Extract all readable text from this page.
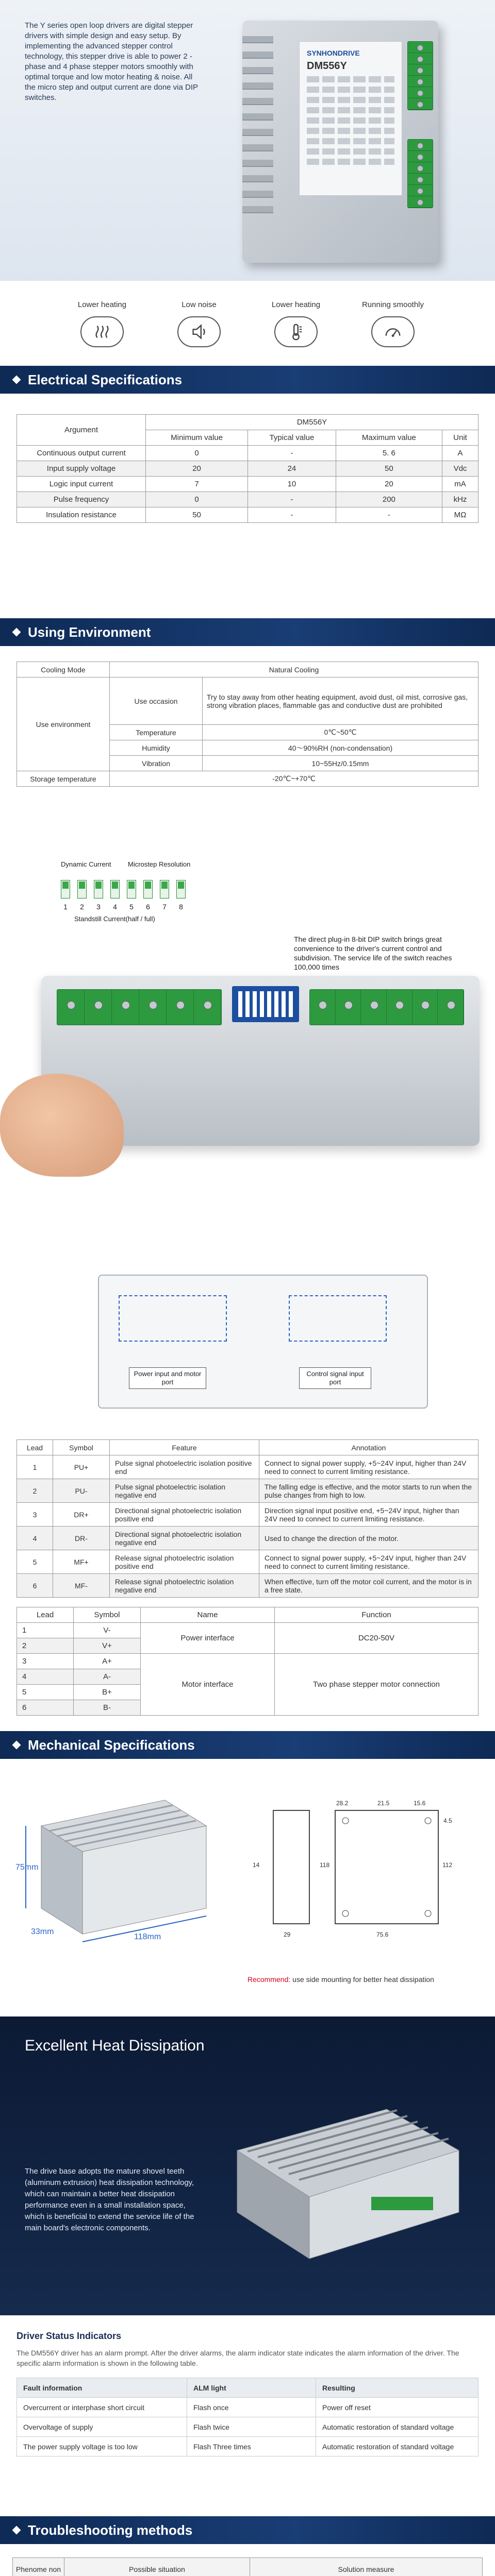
The Y series open loop drivers are digital stepper drivers with simple design and easy setup. By implementing the advanced stepper control technology, this stepper drive is able to power 2 - phase and 4 phase stepper motors smoothly with optimal torque and low motor heating & noise. All the micro step and output current are done via DIP switches.

SYNHONDRIVE
DM556Y
Lower heating	Low noise	Lower heating	Running smoothly
Electrical Specifications
Argument	DM556Y			
	Minimum value	Typical value	Maximum value	Unit
Continuous output current	0	-	5. 6	A
Input supply voltage	20	24	50	Vdc
Logic input current	7	10	20	mA
Pulse frequency	0	-	200	kHz
Insulation resistance	50	-	-	MΩ
Using Environment
Cooling Mode	Natural Cooling	
Use environment	Use occasion	Try to stay away from other heating equipment, avoid dust, oil mist, corrosive gas, strong vibration places, flammable gas and conductive dust are prohibited
	Temperature	0℃~50℃
	Humidity	40～90%RH (non-condensation)
	Vibration	10~55Hz/0.15mm
Storage temperature	-20℃~+70℃	
Dynamic Current Microstep Resolution
1	2	3	4	5	6	7	8
Standstill Current(half / full)

The direct plug-in 8-bit DIP switch brings great convenience to the driver's current control and subdivision. The service life of the switch reaches 100,000 times

Power input and motor port
Control signal input port
Lead	Symbol	Feature	Annotation
1	PU+	Pulse signal photoelectric isolation positive end	Connect to signal power supply, +5~24V input, higher than 24V need to connect to current limiting resistance.
2	PU-	Pulse signal photoelectric isolation negative end	The falling edge is effective, and the motor starts to run when the pulse changes from high to low.
3	DR+	Directional signal photoelectric isolation positive end	Direction signal input positive end, +5~24V input, higher than 24V need to connect to current limiting resistance.
4	DR-	Directional signal photoelectric isolation negative end	Used to change the direction of the motor.
5	MF+	Release signal photoelectric isolation positive end	Connect to signal power supply, +5~24V input, higher than 24V need to connect to current limiting resistance.
6	MF-	Release signal photoelectric isolation negative end	When effective, turn off the motor coil current, and the motor is in a free state.
Lead	Symbol	Name	Function
1	V-	Power interface	DC20-50V
2	V+		
3	A+	Motor interface	Two phase stepper motor connection
4	A-		
5	B+		
6	B-		
Mechanical Specifications
75mm
118mm
33mm
28.2	21.5	15.6
4.5
112
118
75.6
29
14
Recommend: use side mounting for better heat dissipation
Excellent Heat Dissipation

The drive base adopts the mature shovel teeth (aluminum extrusion) heat dissipation technology, which can maintain a better heat dissipation performance even in a small installation space, which is beneficial to extend the service life of the main board's electronic components.

Driver Status Indicators

The DM556Y driver has an alarm prompt. After the driver alarms, the alarm indicator state indicates the alarm information of the driver. The specific alarm information is shown in the following table.

Fault information	ALM light	Resulting
Overcurrent or interphase short circuit	Flash once	Power off reset
Overvoltage of supply	Flash twice	Automatic restoration of standard voltage
The power supply voltage is too low	Flash Three times	Automatic restoration of standard voltage
Troubleshooting methods
Phenome non	Possible situation	Solution measure
